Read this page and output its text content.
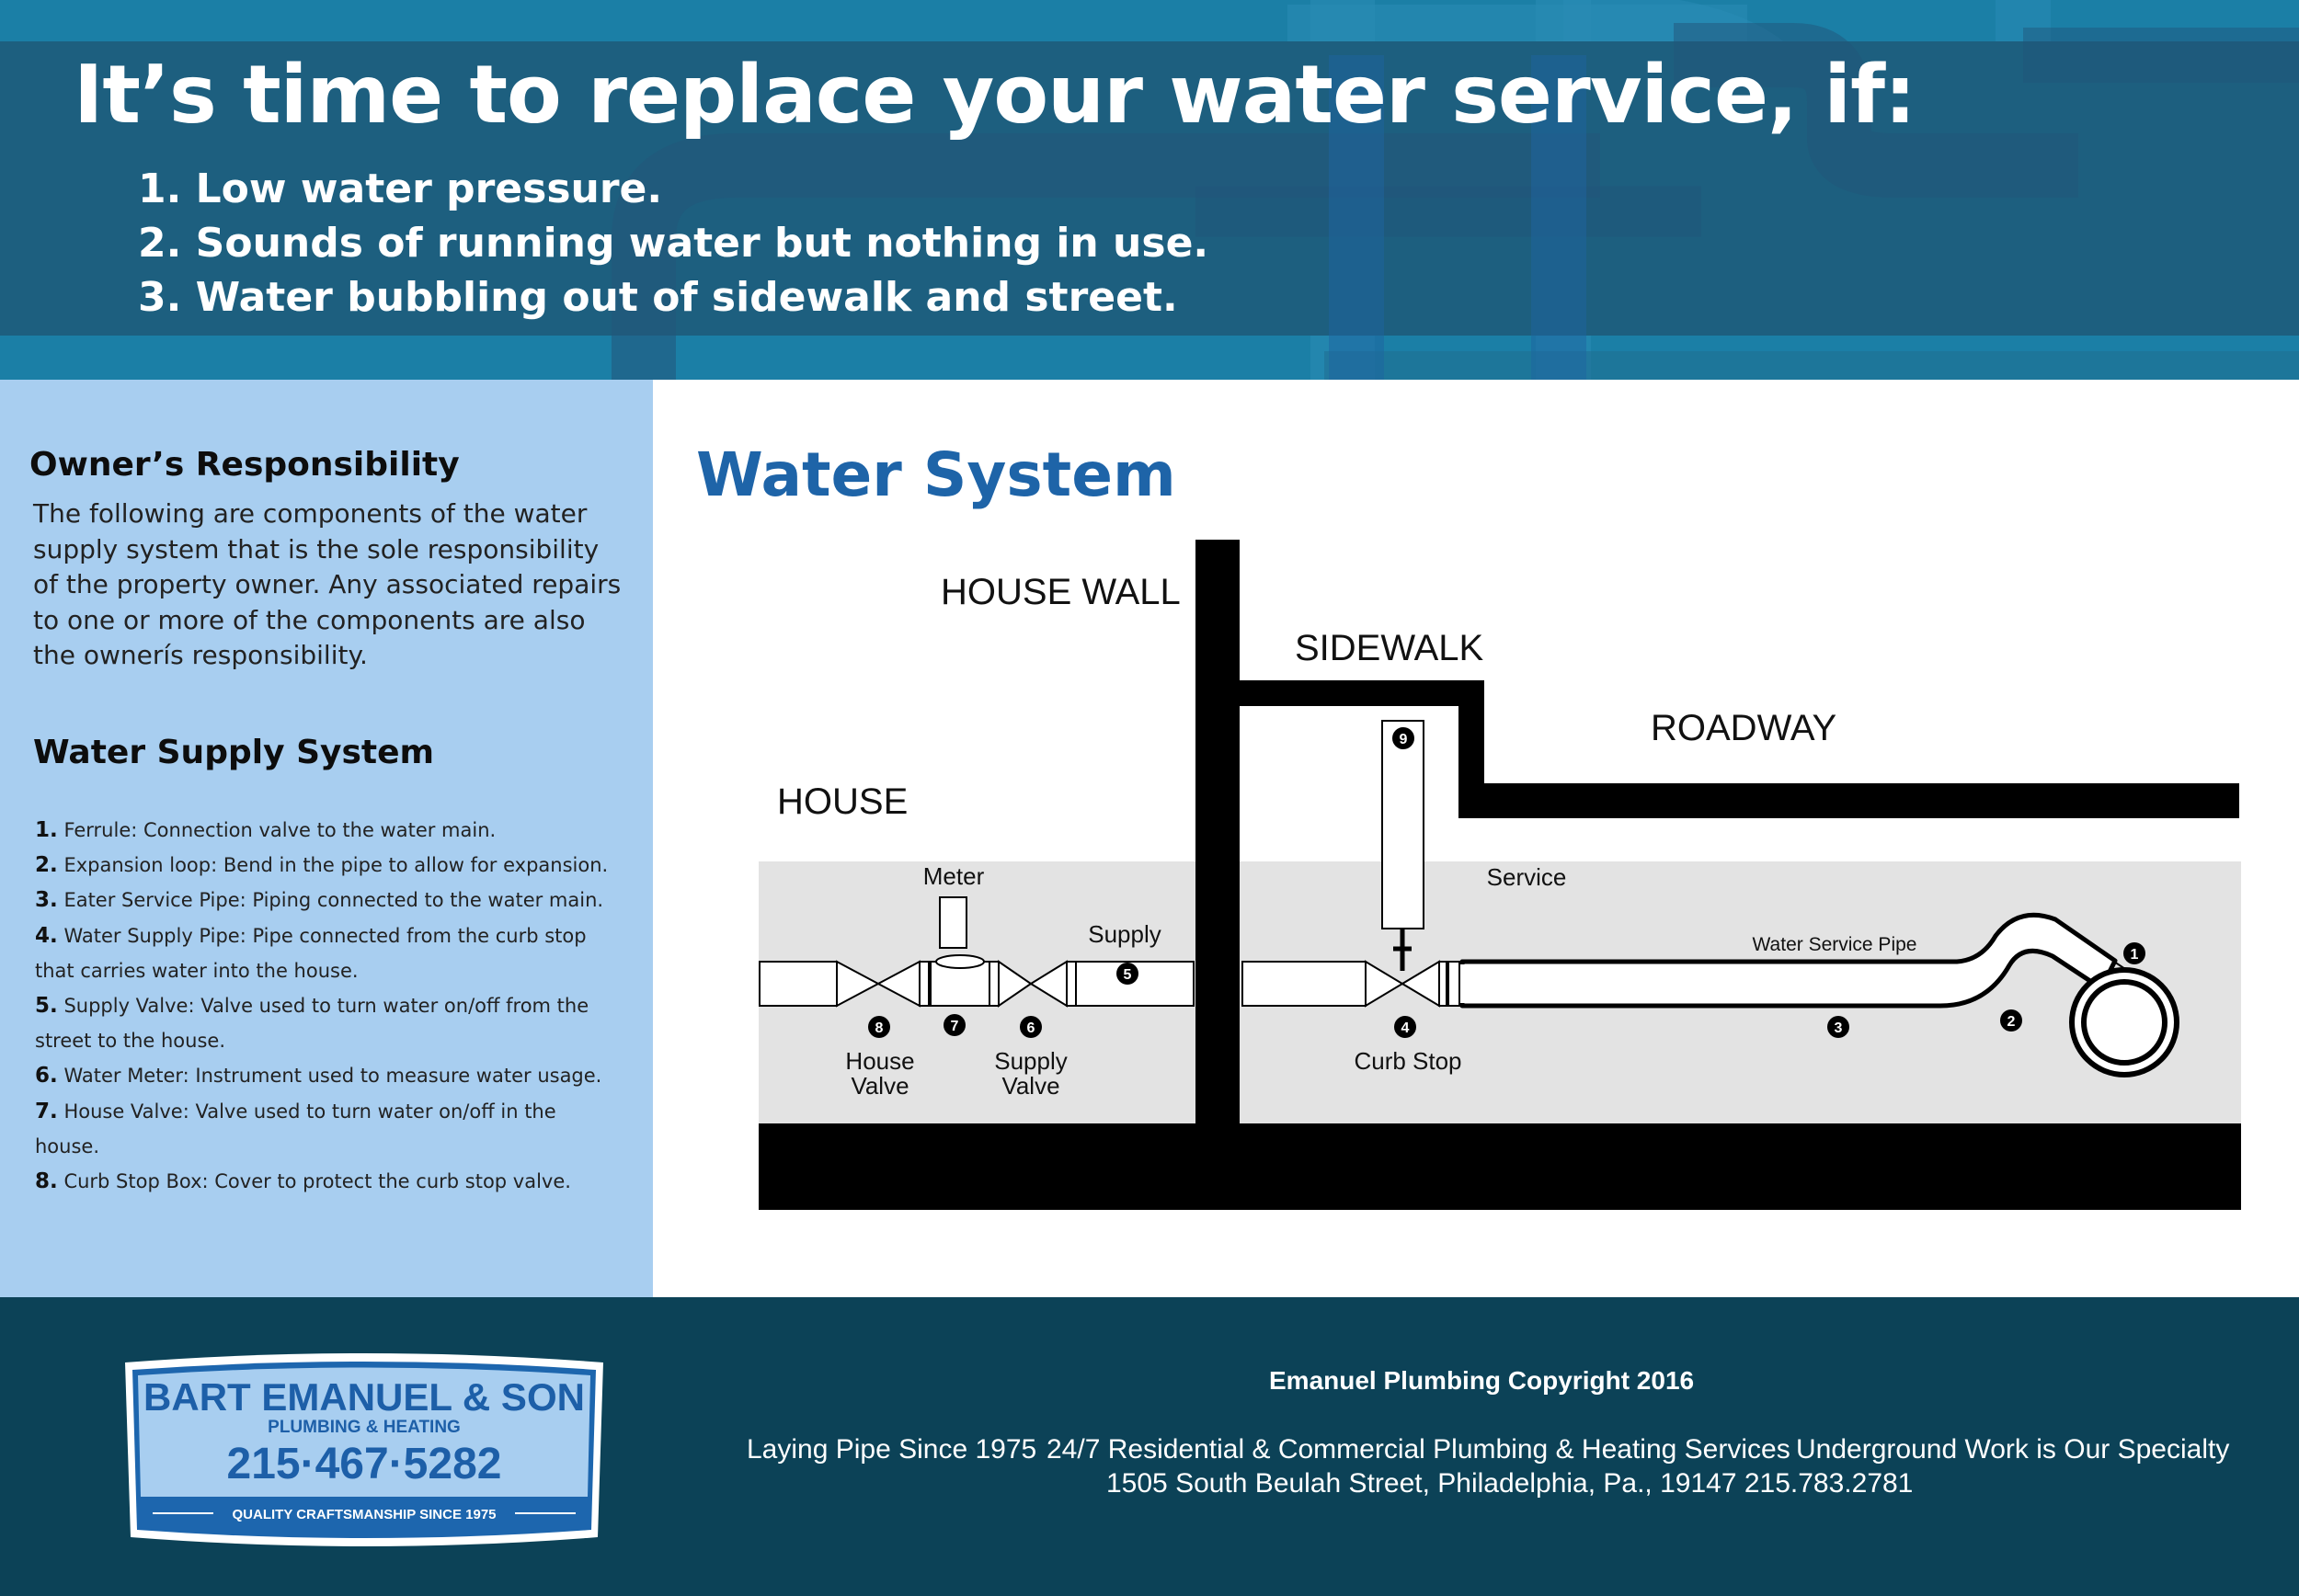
It’s time to replace your water service, if:
1. Low water pressure.
2. Sounds of running water but nothing in use.
3. Water bubbling out of sidewalk and street.
Owner’s Responsibility

The following are components of the water supply system that is the sole responsibility of the property owner. Any associated repairs to one or more of the components are also the ownerís responsibility.

Water Supply System
1. Ferrule: Connection valve to the water main.
2. Expansion loop: Bend in the pipe to allow for expansion.
3. Eater Service Pipe: Piping connected to the water main.
4. Water Supply Pipe: Pipe connected from the curb stop that carries water into the house.
5. Supply Valve: Valve used to turn water on/off from the street to the house.
6. Water Meter: Instrument used to measure water usage.
7. House Valve: Valve used to turn water on/off in the house.
8. Curb Stop Box: Cover to protect the curb stop valve.
Water System
HOUSE WALL
SIDEWALK
ROADWAY
HOUSE
Meter
Supply
Service
Water Service Pipe
House
Valve
Supply
Valve
Curb Stop
1
2
3
4
5
6
7
8
9
BART EMANUEL & SON
PLUMBING & HEATING
215·467·5282
QUALITY CRAFTSMANSHIP SINCE 1975
Emanuel Plumbing Copyright 2016
Laying Pipe Since 1975 24/7 Residential & Commercial Plumbing & Heating Services Underground Work is Our Specialty
1505 South Beulah Street, Philadelphia, Pa., 19147 215.783.2781
